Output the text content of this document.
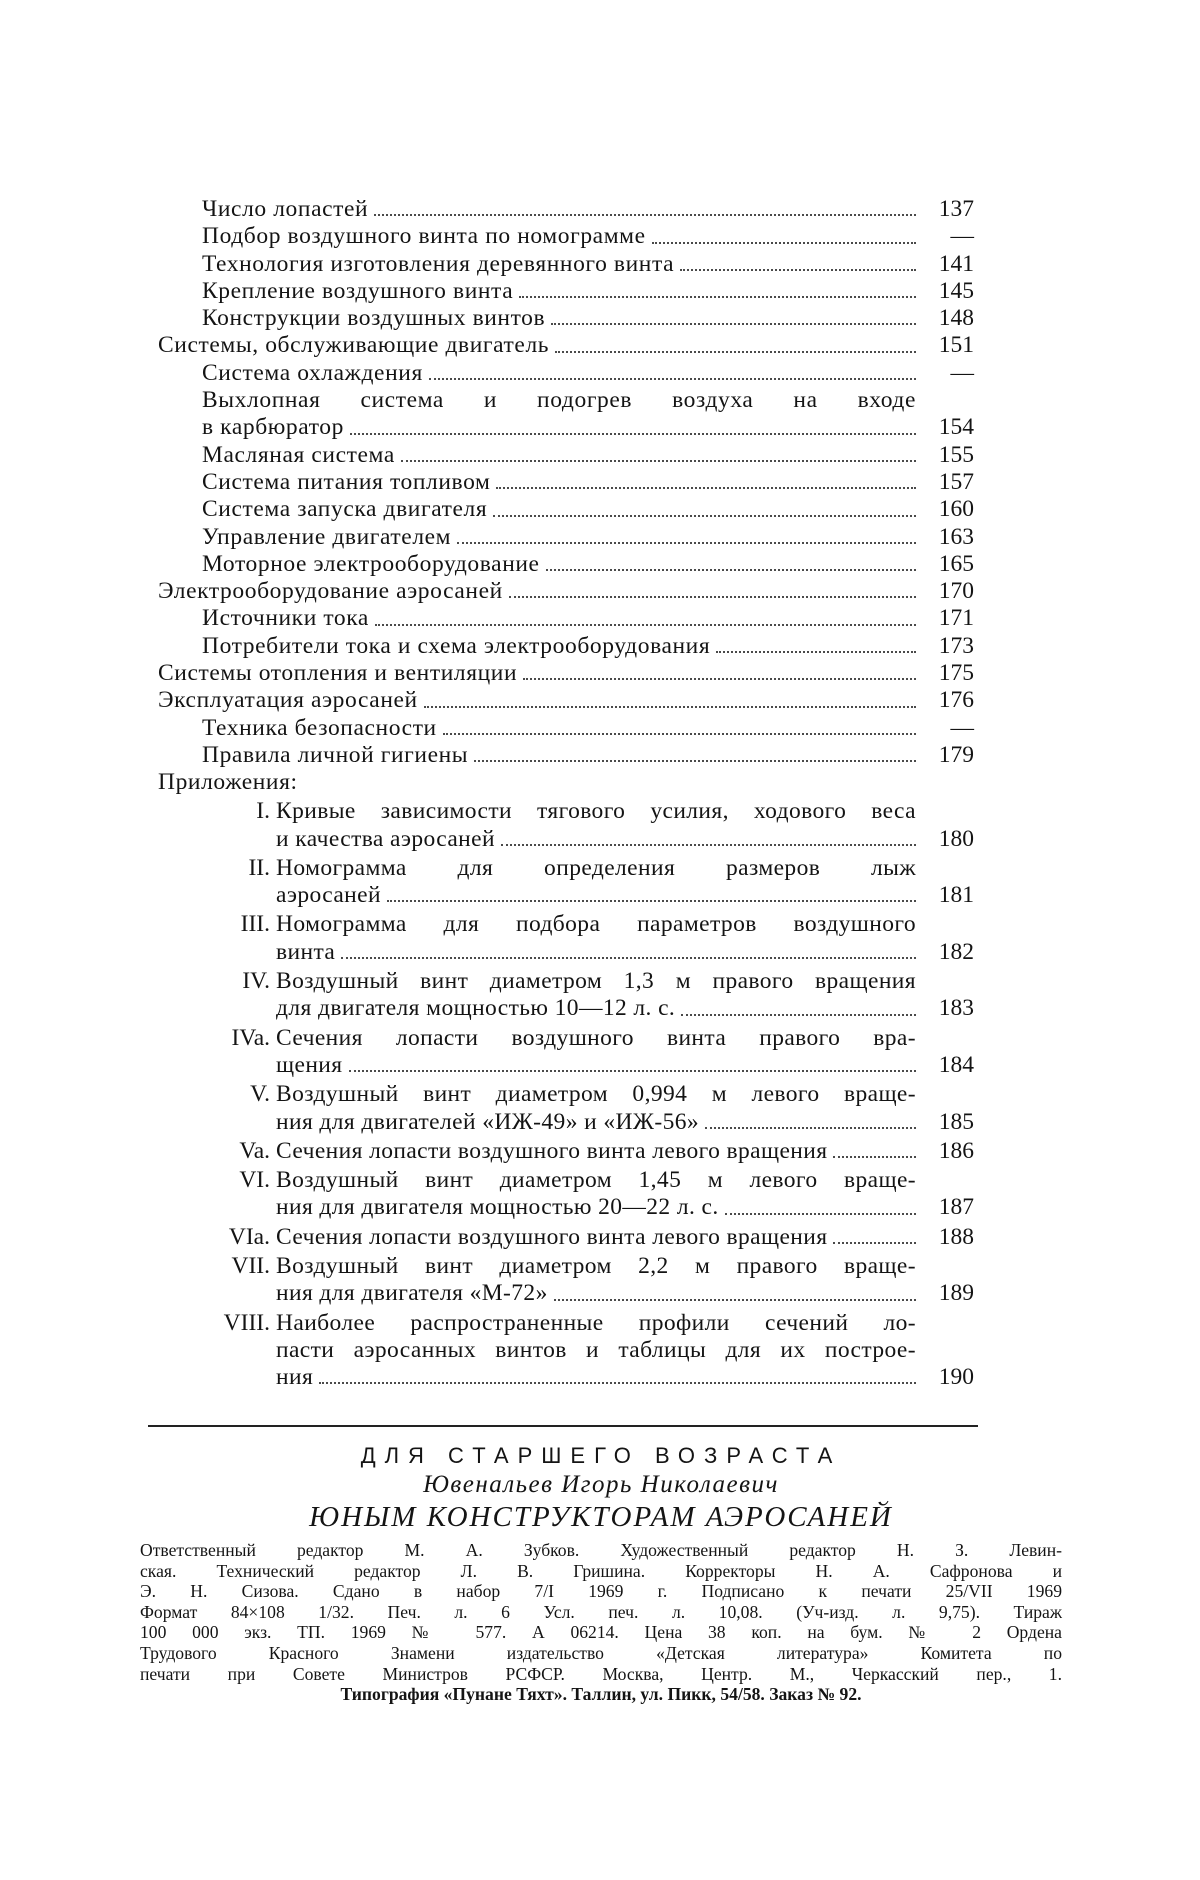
Число лопастей	137
Подбор воздушного винта по номограмме	—
Технология изготовления деревянного винта	141
Крепление воздушного винта	145
Конструкции воздушных винтов	148
Системы, обслуживающие двигатель	151
Система охлаждения	—
Выхлопная система и подогрев воздуха на входе
в карбюратор	154
Масляная система	155
Система питания топливом	157
Система запуска двигателя	160
Управление двигателем	163
Моторное электрооборудование	165
Электрооборудование аэросаней	170
Источники тока	171
Потребители тока и схема электрооборудования	173
Системы отопления и вентиляции	175
Эксплуатация аэросаней	176
Техника безопасности	—
Правила личной гигиены	179
Приложения:
I. Кривые зависимости тягового усилия, ходового веса
и качества аэросаней	180
II. Номограмма для определения размеров лыж
аэросаней	181
III. Номограмма для подбора параметров воздушного
винта	182
IV. Воздушный винт диаметром 1,3 м правого вращения
для двигателя мощностью 10—12 л. с.	183
IVa. Сечения лопасти воздушного винта правого вра-
щения	184
V. Воздушный винт диаметром 0,994 м левого враще-
ния для двигателей «ИЖ-49» и «ИЖ-56»	185
Va. Сечения лопасти воздушного винта левого вращения	186
VI. Воздушный винт диаметром 1,45 м левого враще-
ния для двигателя мощностью 20—22 л. с.	187
VIa. Сечения лопасти воздушного винта левого вращения	188
VII. Воздушный винт диаметром 2,2 м правого враще-
ния для двигателя «М-72»	189
VIII. Наиболее распространенные профили сечений ло-
пасти аэросанных винтов и таблицы для их построе-
ния	190
ДЛЯ СТАРШЕГО ВОЗРАСТА
Ювенальев Игорь Николаевич
ЮНЫМ КОНСТРУКТОРАМ АЭРОСАНЕЙ
Ответственный редактор М. А. Зубков. Художественный редактор Н. З. Левин-
ская. Технический редактор Л. В. Гришина. Корректоры Н. А. Сафронова и
Э. Н. Сизова. Сдано в набор 7/I 1969 г. Подписано к печати 25/VII 1969
Формат 84×108 1/32. Печ. л. 6 Усл. печ. л. 10,08. (Уч-изд. л. 9,75). Тираж
100 000 экз. ТП. 1969 № 577. А 06214. Цена 38 коп. на бум. № 2 Ордена
Трудового Красного Знамени издательство «Детская литература» Комитета по
печати при Совете Министров РСФСР. Москва, Центр. М., Черкасский пер., 1.
Типография «Пунане Тяхт». Таллин, ул. Пикк, 54/58. Заказ № 92.
